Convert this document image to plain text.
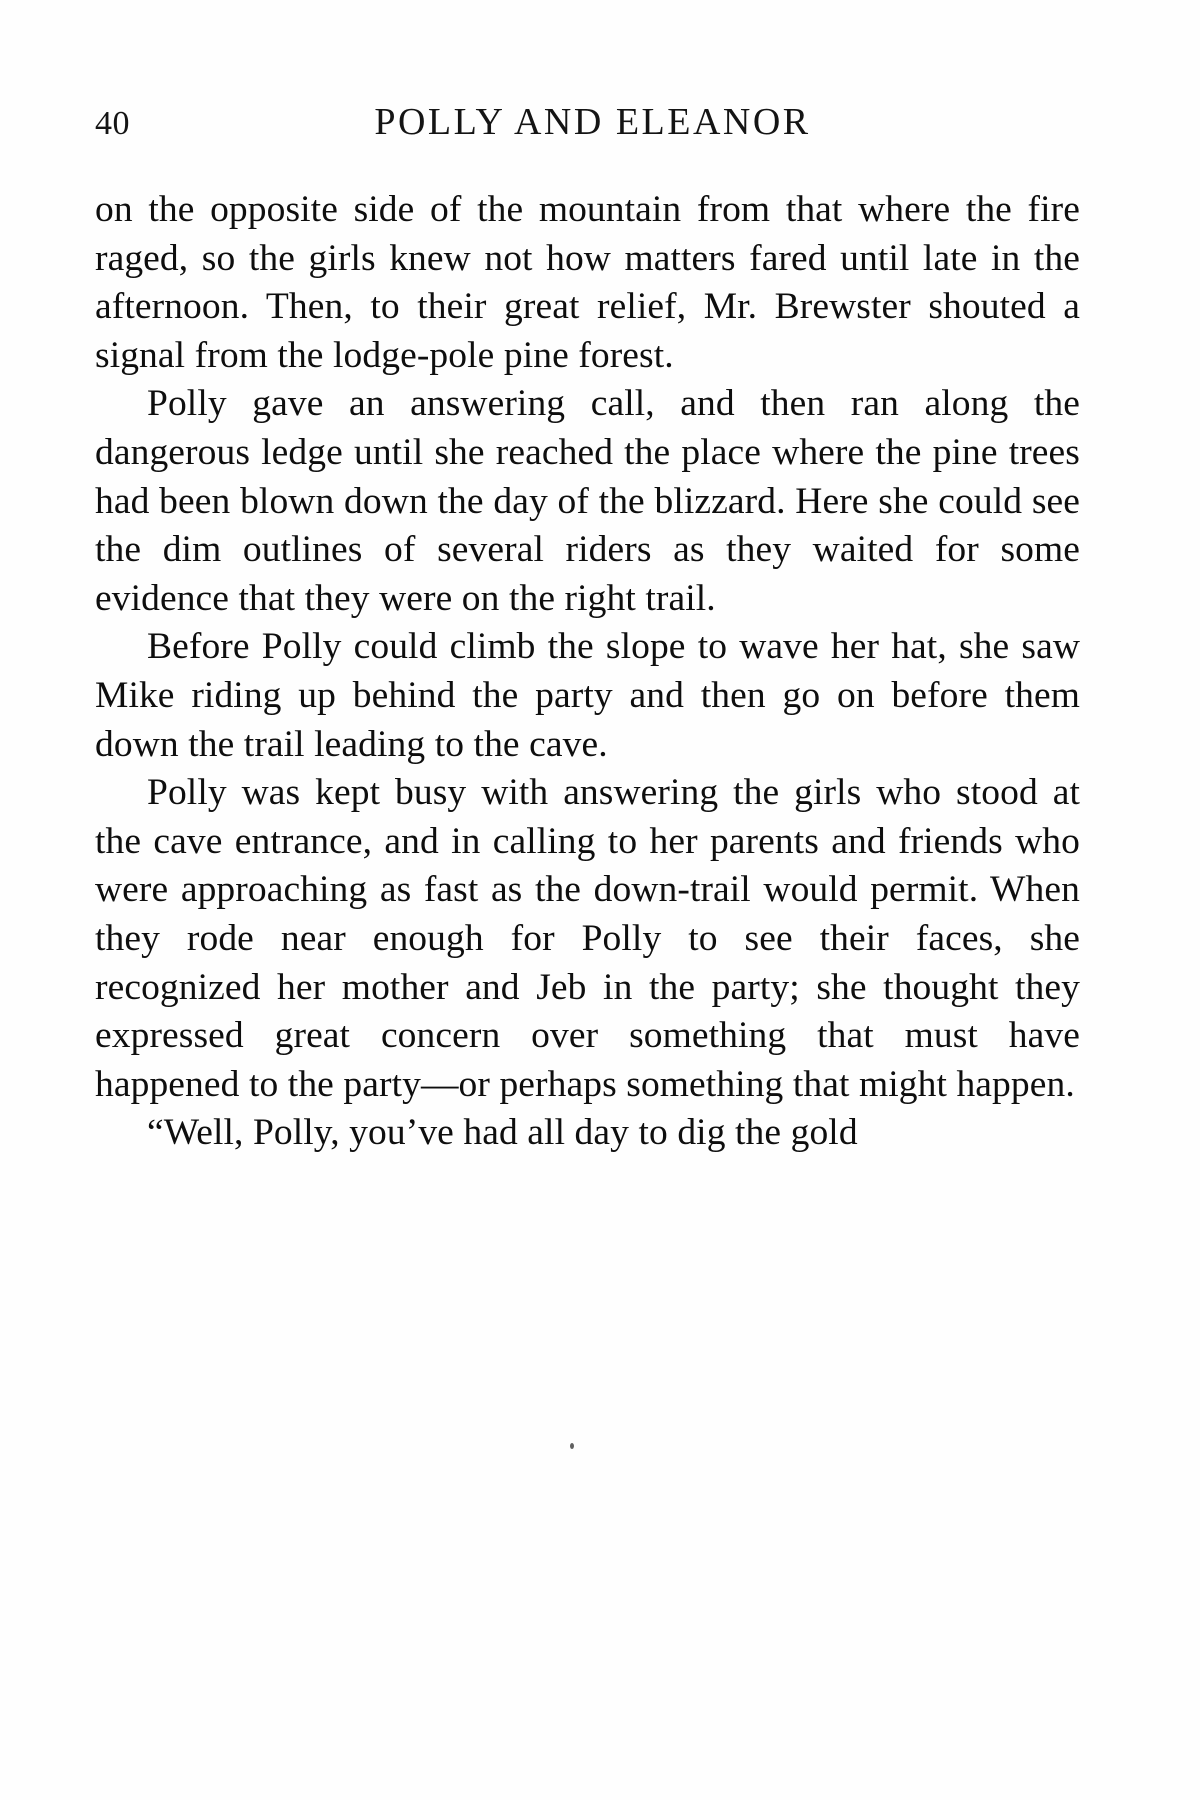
40	POLLY AND ELEANOR

on the opposite side of the mountain from that where the fire raged, so the girls knew not how matters fared until late in the afternoon. Then, to their great relief, Mr. Brewster shouted a signal from the lodge-pole pine forest.

Polly gave an answering call, and then ran along the dangerous ledge until she reached the place where the pine trees had been blown down the day of the blizzard. Here she could see the dim outlines of several riders as they waited for some evidence that they were on the right trail.

Before Polly could climb the slope to wave her hat, she saw Mike riding up behind the party and then go on before them down the trail leading to the cave.

Polly was kept busy with answering the girls who stood at the cave entrance, and in calling to her parents and friends who were approaching as fast as the down-trail would permit. When they rode near enough for Polly to see their faces, she recognized her mother and Jeb in the party; she thought they expressed great concern over something that must have happened to the party—or perhaps something that might happen.

“Well, Polly, you’ve had all day to dig the gold
